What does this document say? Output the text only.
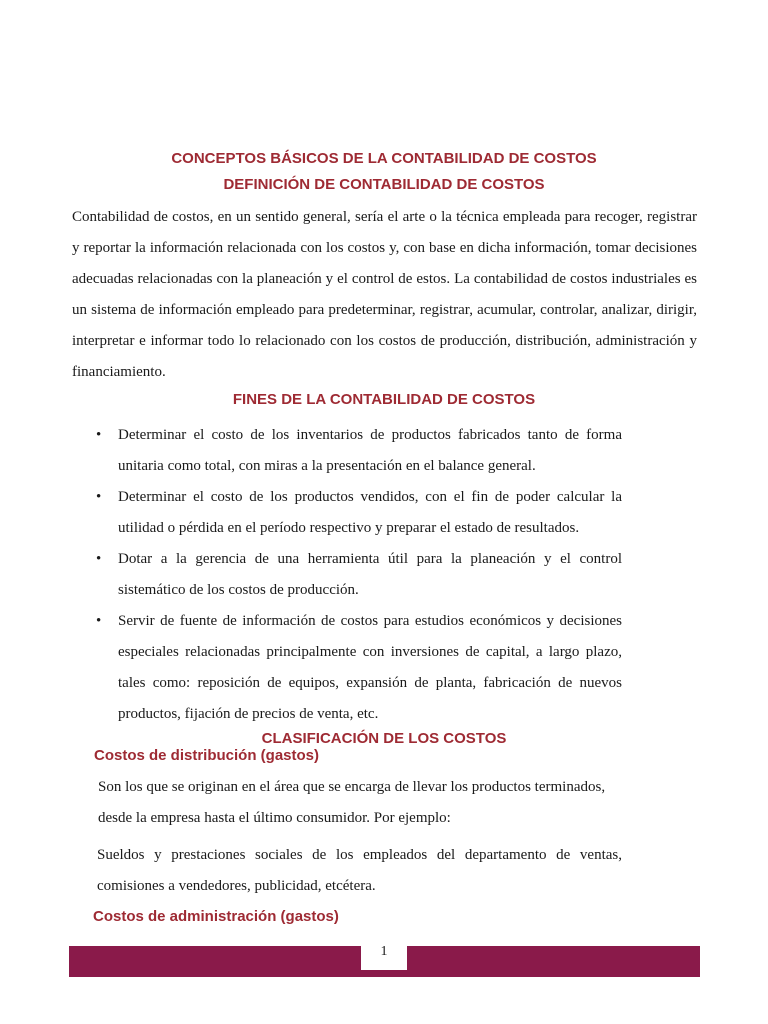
CONCEPTOS BÁSICOS DE LA CONTABILIDAD DE COSTOS
DEFINICIÓN DE CONTABILIDAD DE COSTOS

Contabilidad de costos, en un sentido general, sería el arte o la técnica empleada para recoger, registrar y reportar la información relacionada con los costos y, con base en dicha información, tomar decisiones adecuadas relacionadas con la planeación y el control de estos. La contabilidad de costos industriales es un sistema de información empleado para predeterminar, registrar, acumular, controlar, analizar, dirigir, interpretar e informar todo lo relacionado con los costos de producción, distribución, administración y financiamiento.

FINES DE LA CONTABILIDAD DE COSTOS
• Determinar el costo de los inventarios de productos fabricados tanto de forma unitaria como total, con miras a la presentación en el balance general.
• Determinar el costo de los productos vendidos, con el fin de poder calcular la utilidad o pérdida en el período respectivo y preparar el estado de resultados.
• Dotar a la gerencia de una herramienta útil para la planeación y el control sistemático de los costos de producción.
• Servir de fuente de información de costos para estudios económicos y decisiones especiales relacionadas principalmente con inversiones de capital, a largo plazo, tales como: reposición de equipos, expansión de planta, fabricación de nuevos productos, fijación de precios de venta, etc.
CLASIFICACIÓN DE LOS COSTOS
Costos de distribución (gastos)

Son los que se originan en el área que se encarga de llevar los productos terminados, desde la empresa hasta el último consumidor. Por ejemplo:

Sueldos y prestaciones sociales de los empleados del departamento de ventas, comisiones a vendedores, publicidad, etcétera.

Costos de administración (gastos)
1
